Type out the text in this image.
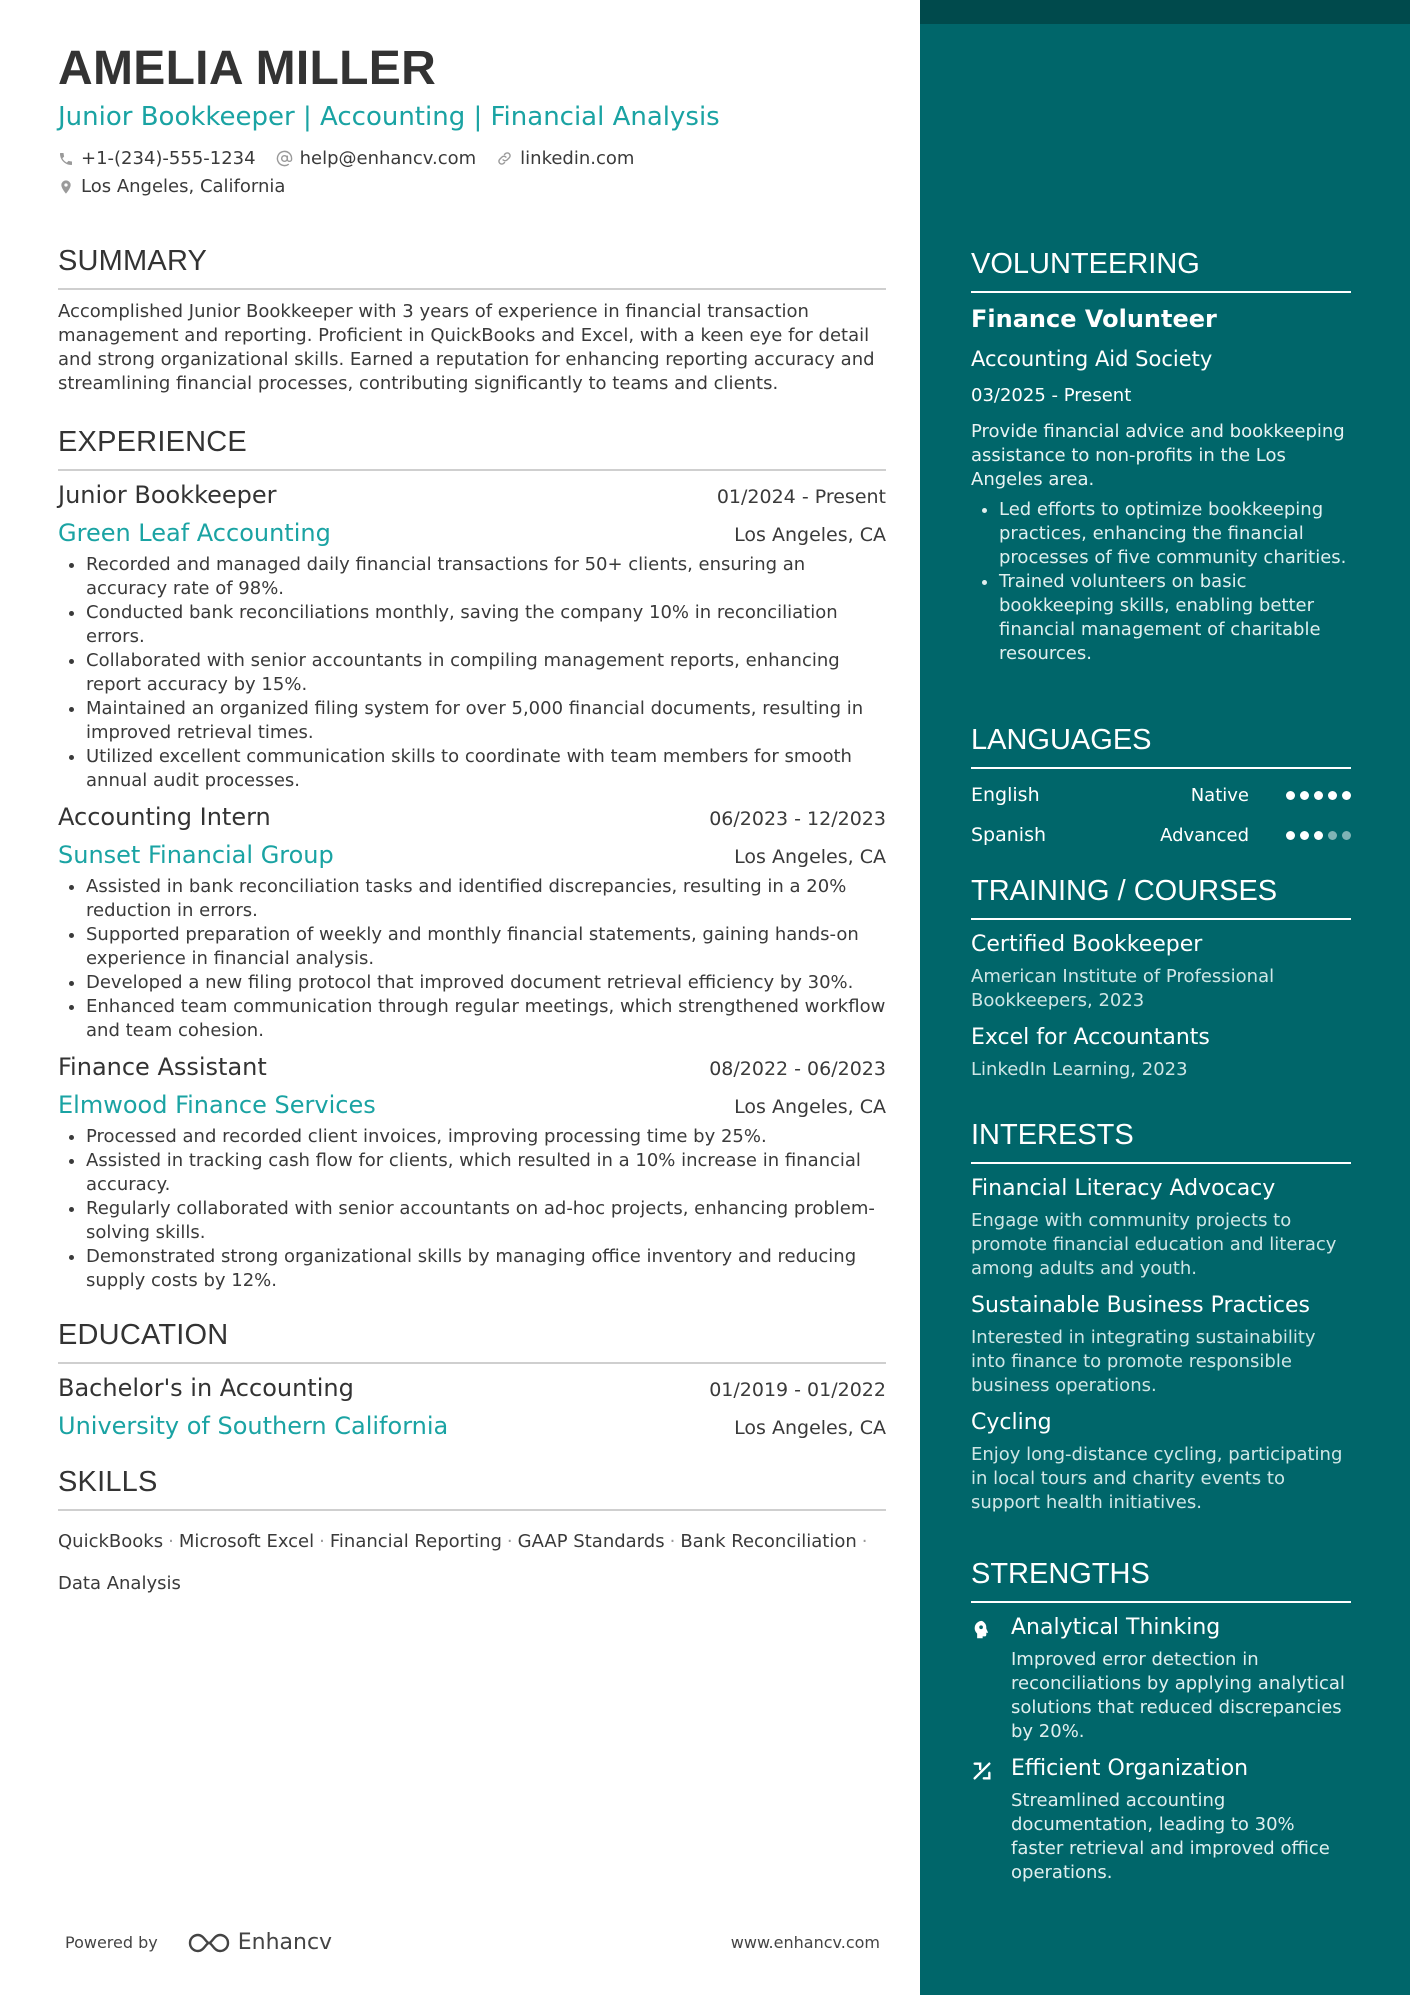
AMELIA MILLER
Junior Bookkeeper | Accounting | Financial Analysis
+1-(234)-555-1234 help@enhancv.com linkedin.com
Los Angeles, California
SUMMARY
Accomplished Junior Bookkeeper with 3 years of experience in financial transaction management and reporting. Proficient in QuickBooks and Excel, with a keen eye for detail and strong organizational skills. Earned a reputation for enhancing reporting accuracy and streamlining financial processes, contributing significantly to teams and clients.
EXPERIENCE
Junior Bookkeeper	01/2024 - Present
Green Leaf Accounting	Los Angeles, CA
• Recorded and managed daily financial transactions for 50+ clients, ensuring an accuracy rate of 98%.
• Conducted bank reconciliations monthly, saving the company 10% in reconciliation errors.
• Collaborated with senior accountants in compiling management reports, enhancing report accuracy by 15%.
• Maintained an organized filing system for over 5,000 financial documents, resulting in improved retrieval times.
• Utilized excellent communication skills to coordinate with team members for smooth annual audit processes.
Accounting Intern	06/2023 - 12/2023
Sunset Financial Group	Los Angeles, CA
• Assisted in bank reconciliation tasks and identified discrepancies, resulting in a 20% reduction in errors.
• Supported preparation of weekly and monthly financial statements, gaining hands-on experience in financial analysis.
• Developed a new filing protocol that improved document retrieval efficiency by 30%.
• Enhanced team communication through regular meetings, which strengthened workflow and team cohesion.
Finance Assistant	08/2022 - 06/2023
Elmwood Finance Services	Los Angeles, CA
• Processed and recorded client invoices, improving processing time by 25%.
• Assisted in tracking cash flow for clients, which resulted in a 10% increase in financial accuracy.
• Regularly collaborated with senior accountants on ad-hoc projects, enhancing problem-solving skills.
• Demonstrated strong organizational skills by managing office inventory and reducing supply costs by 12%.
EDUCATION
Bachelor's in Accounting	01/2019 - 01/2022
University of Southern California	Los Angeles, CA
SKILLS
QuickBooks · Microsoft Excel · Financial Reporting · GAAP Standards · Bank Reconciliation ·
Data Analysis
Powered by	Enhancv	www.enhancv.com
VOLUNTEERING
Finance Volunteer
Accounting Aid Society
03/2025 - Present
Provide financial advice and bookkeeping assistance to non-profits in the Los Angeles area.
• Led efforts to optimize bookkeeping practices, enhancing the financial processes of five community charities.
• Trained volunteers on basic bookkeeping skills, enabling better financial management of charitable resources.
LANGUAGES
English	Native
Spanish	Advanced
TRAINING / COURSES
Certified Bookkeeper
American Institute of Professional Bookkeepers, 2023
Excel for Accountants
LinkedIn Learning, 2023
INTERESTS
Financial Literacy Advocacy
Engage with community projects to promote financial education and literacy among adults and youth.
Sustainable Business Practices
Interested in integrating sustainability into finance to promote responsible business operations.
Cycling
Enjoy long-distance cycling, participating in local tours and charity events to support health initiatives.
STRENGTHS
Analytical Thinking
Improved error detection in reconciliations by applying analytical solutions that reduced discrepancies by 20%.
Efficient Organization
Streamlined accounting documentation, leading to 30% faster retrieval and improved office operations.
